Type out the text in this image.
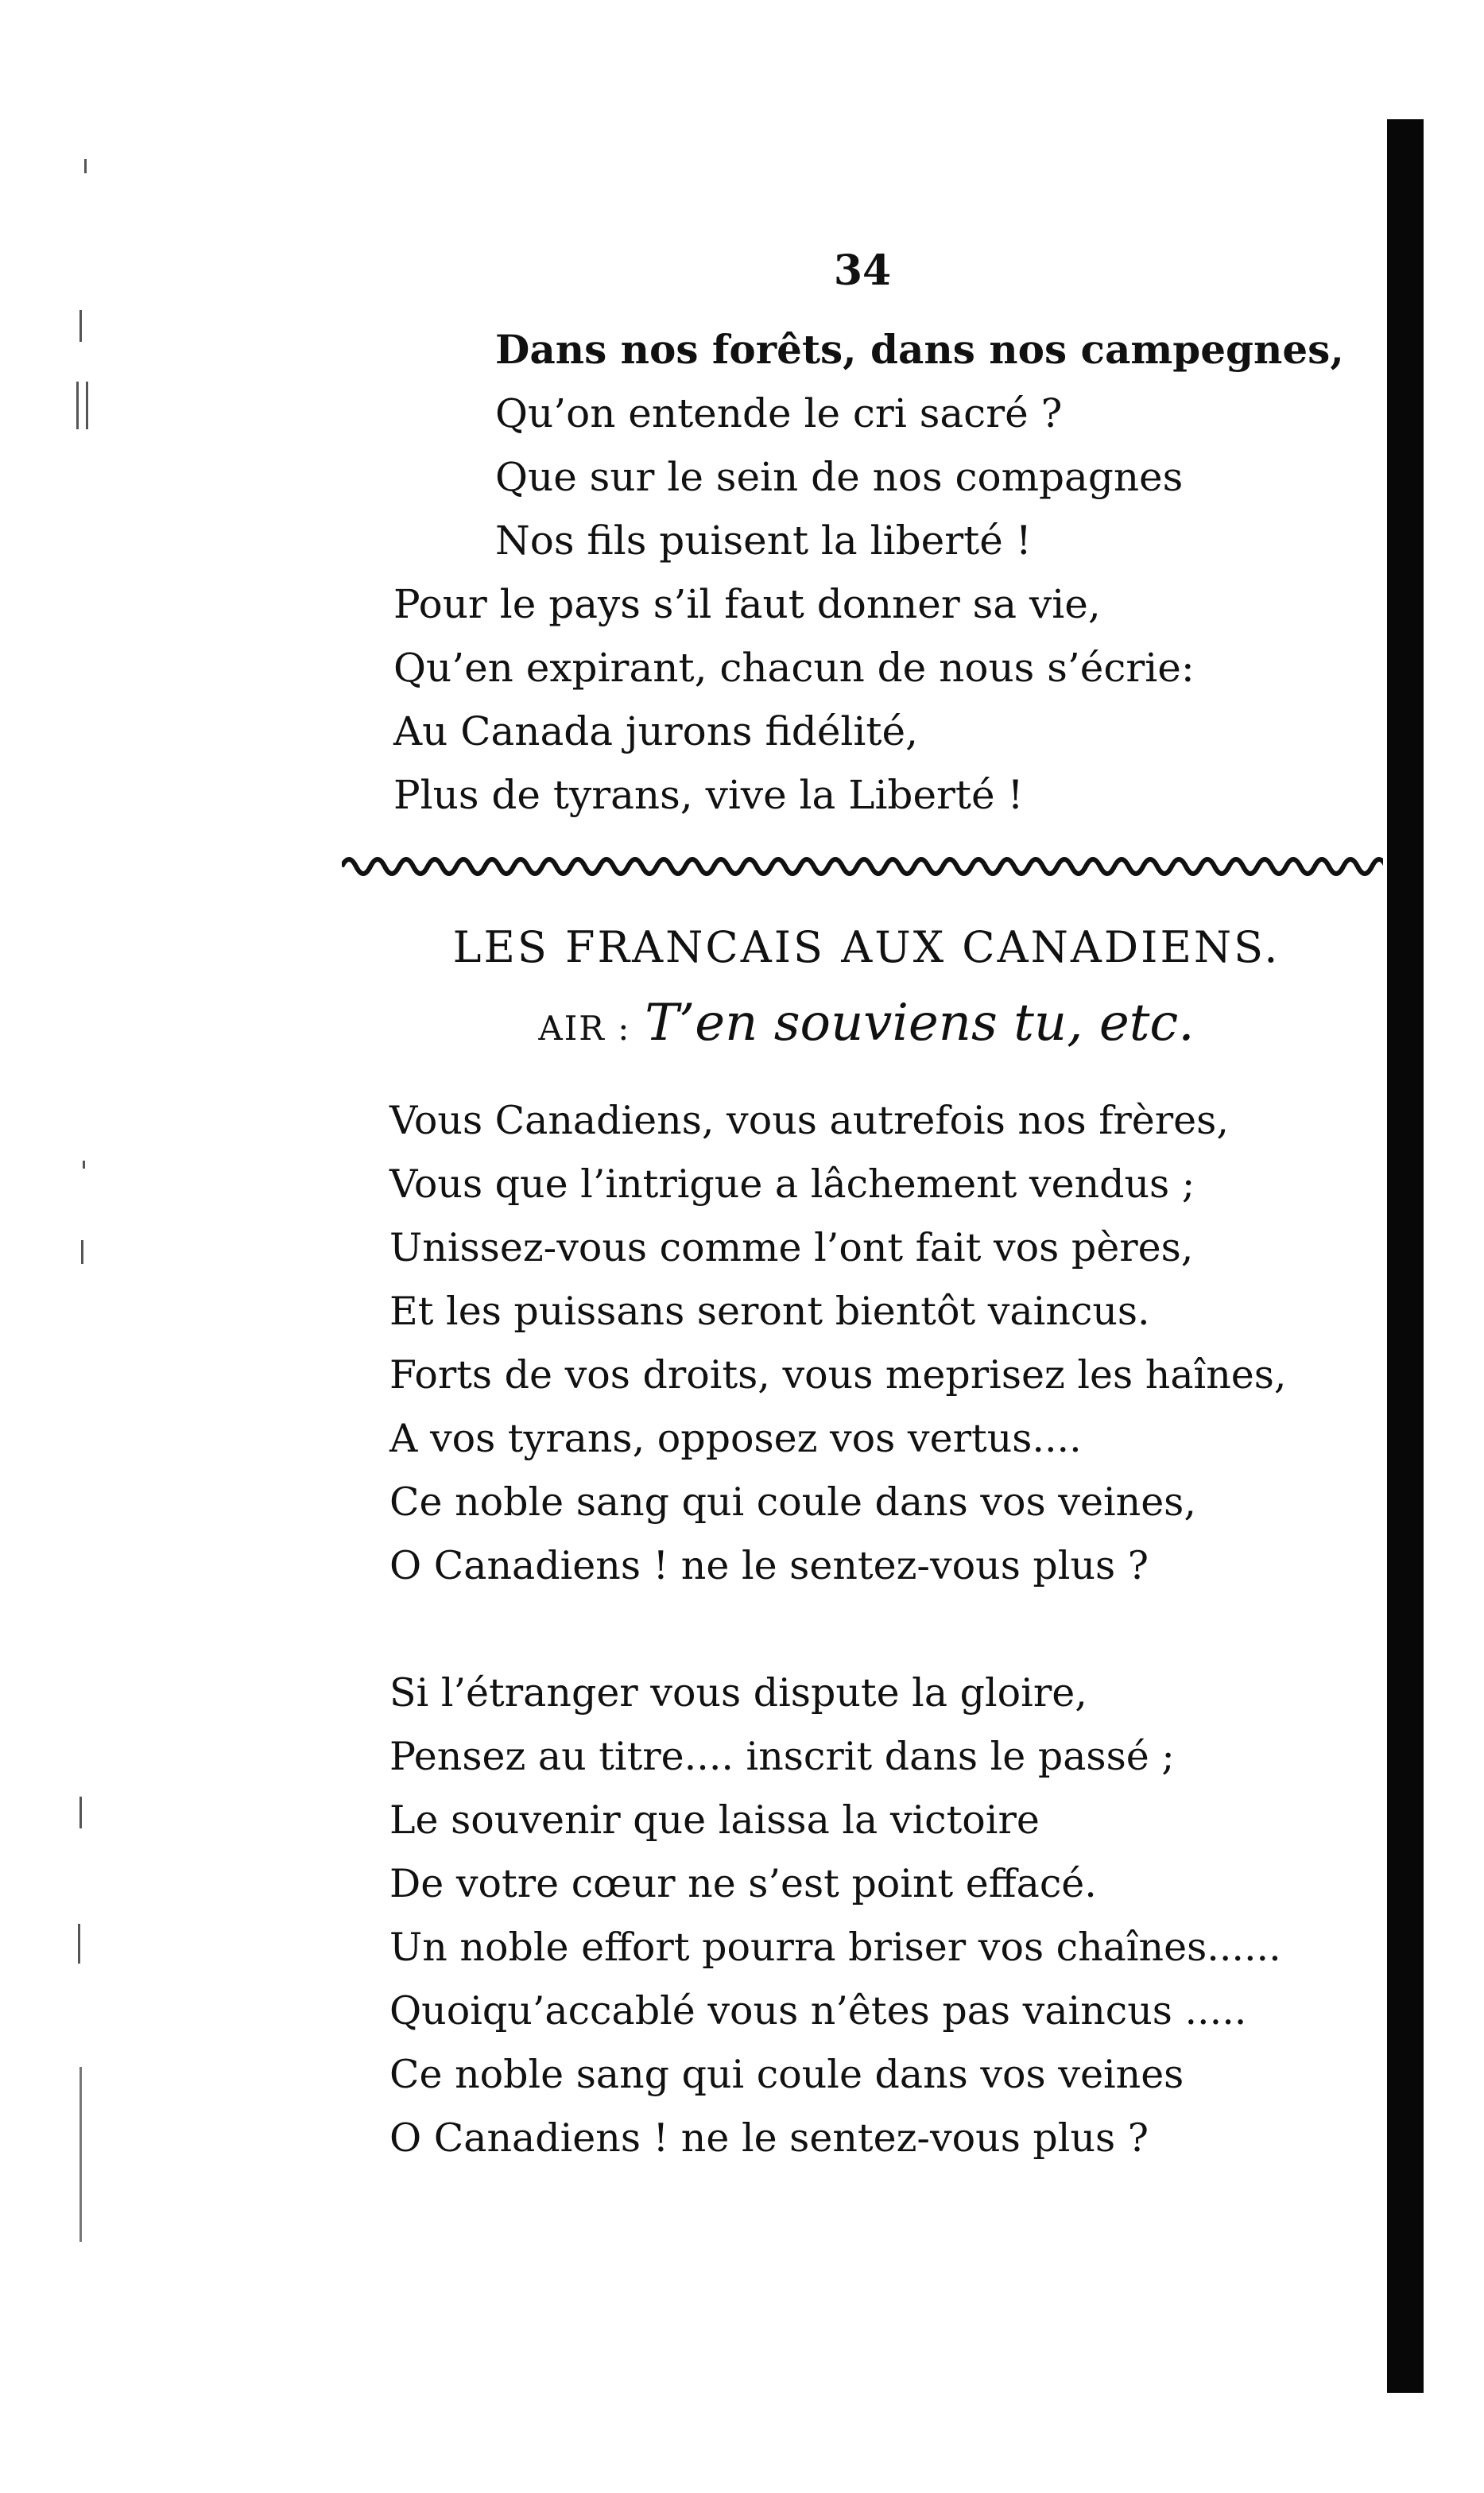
34
Dans nos forêts, dans nos campegnes,
Qu’on entende le cri sacré ?
Que sur le sein de nos compagnes
Nos fils puisent la liberté !
Pour le pays s’il faut donner sa vie,
Qu’en expirant, chacun de nous s’écrie:
Au Canada jurons fidélité,
Plus de tyrans, vive la Liberté !
LES FRANCAIS AUX CANADIENS.
AIR : T’en souviens tu, etc.
Vous Canadiens, vous autrefois nos frères,
Vous que l’intrigue a lâchement vendus ;
Unissez-vous comme l’ont fait vos pères,
Et les puissans seront bientôt vaincus.
Forts de vos droits, vous meprisez les haînes,
A vos tyrans, opposez vos vertus....
Ce noble sang qui coule dans vos veines,
O Canadiens ! ne le sentez-vous plus ?
Si l’étranger vous dispute la gloire,
Pensez au titre.... inscrit dans le passé ;
Le souvenir que laissa la victoire
De votre cœur ne s’est point effacé.
Un noble effort pourra briser vos chaînes......
Quoiqu’accablé vous n’êtes pas vaincus .....
Ce noble sang qui coule dans vos veines
O Canadiens ! ne le sentez-vous plus ?
